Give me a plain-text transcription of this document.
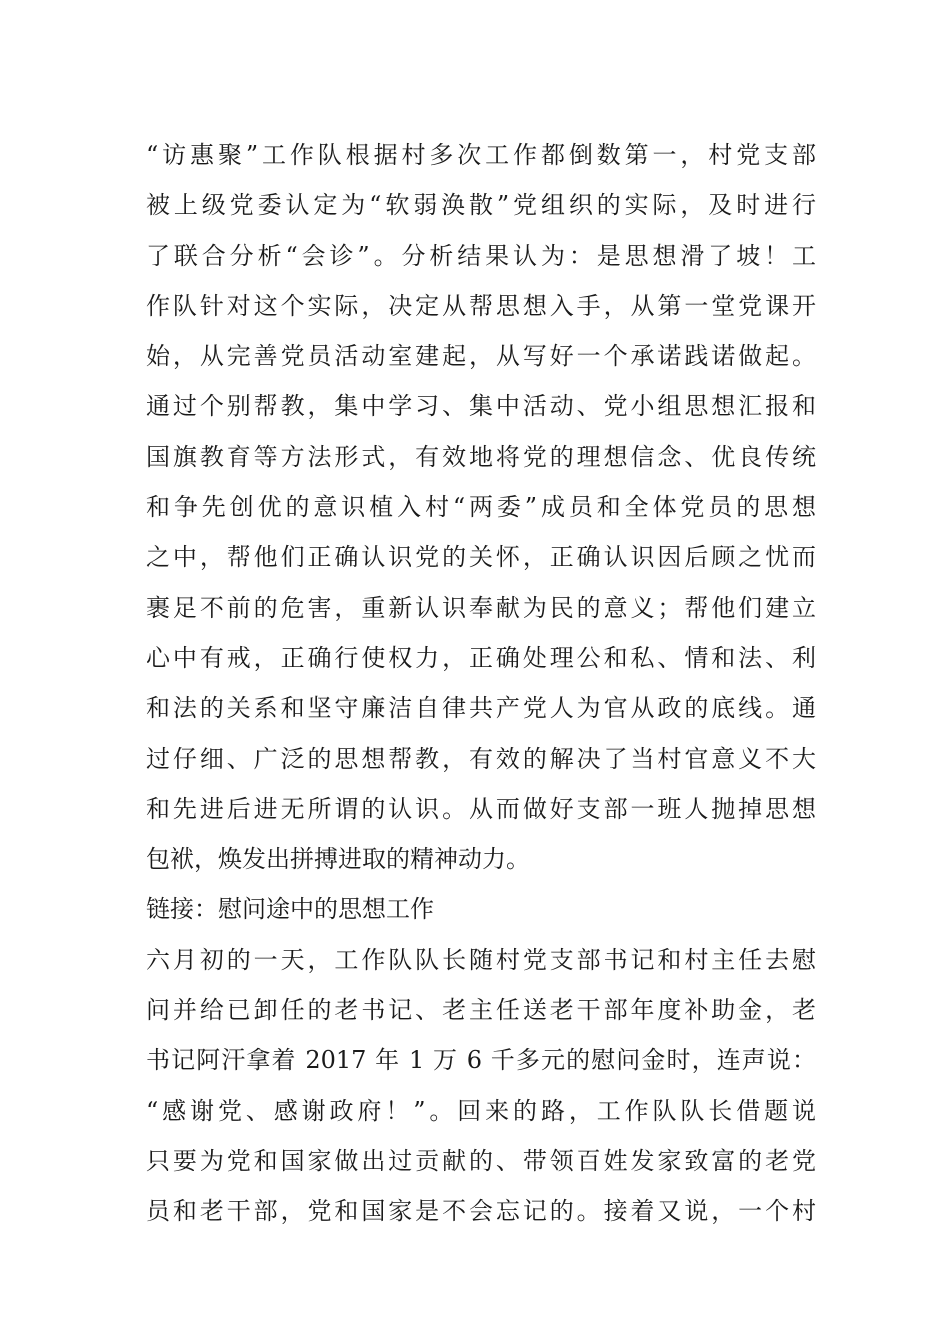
“访惠聚”工作队根据村多次工作都倒数第一，村党支部
被上级党委认定为“软弱涣散”党组织的实际，及时进行
了联合分析“会诊”。分析结果认为：是思想滑了坡！工
作队针对这个实际，决定从帮思想入手，从第一堂党课开
始，从完善党员活动室建起，从写好一个承诺践诺做起。
通过个别帮教，集中学习、集中活动、党小组思想汇报和
国旗教育等方法形式，有效地将党的理想信念、优良传统
和争先创优的意识植入村“两委”成员和全体党员的思想
之中，帮他们正确认识党的关怀，正确认识因后顾之忧而
裹足不前的危害，重新认识奉献为民的意义；帮他们建立
心中有戒，正确行使权力，正确处理公和私、情和法、利
和法的关系和坚守廉洁自律共产党人为官从政的底线。通
过仔细、广泛的思想帮教，有效的解决了当村官意义不大
和先进后进无所谓的认识。从而做好支部一班人抛掉思想
包袱，焕发出拼搏进取的精神动力。
链接：慰问途中的思想工作
六月初的一天，工作队队长随村党支部书记和村主任去慰
问并给已卸任的老书记、老主任送老干部年度补助金，老
书记阿汗拿着 2017 年 1 万 6 千多元的慰问金时，连声说：
“感谢党、感谢政府！”。回来的路，工作队队长借题说
只要为党和国家做出过贡献的、带领百姓发家致富的老党
员和老干部，党和国家是不会忘记的。接着又说，一个村
